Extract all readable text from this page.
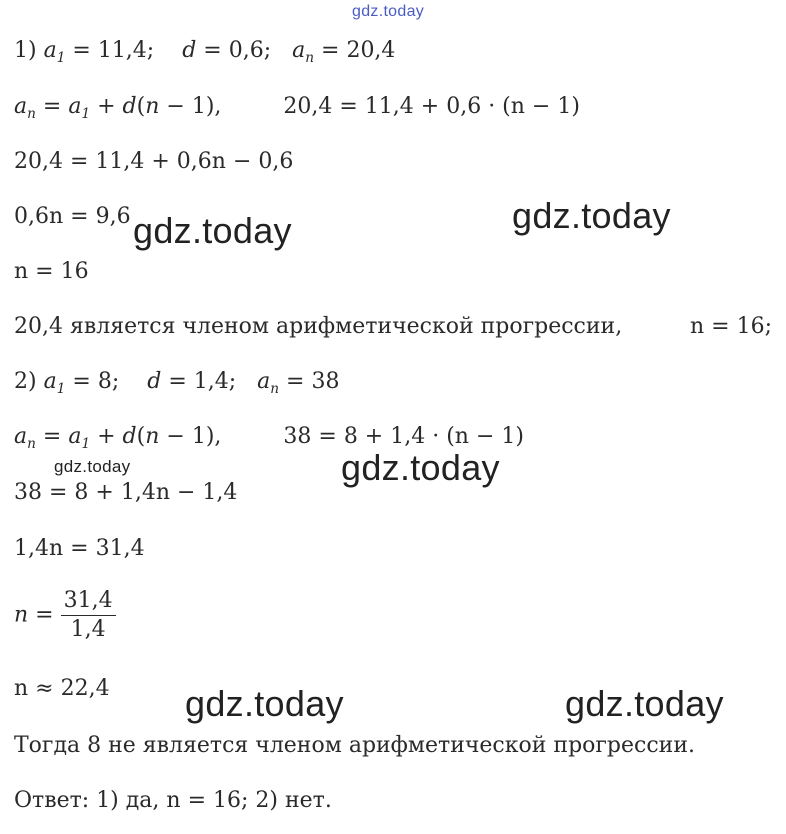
gdz.today
1) $a_1 = 11,4$; d = 0,6; $a_n = 20,4$
$a_n = a_1 + d(n - 1)$,	20,4 = 11,4 + 0,6 · (n − 1)
20,4 = 11,4 + 0,6n − 0,6
0,6n = 9,6
n = 16
20,4 является членом арифметической прогрессии,	n = 16;
2) $a_1 = 8$; d = 1,4; $a_n = 38$
$a_n = a_1 + d(n - 1)$,	38 = 8 + 1,4 · (n − 1)
38 = 8 + 1,4n − 1,4
1,4n = 31,4
$n = \frac{31,4}{1,4}$
n ≈ 22,4
Тогда 8 не является членом арифметической прогрессии.
Ответ: 1) да, n = 16; 2) нет.
gdz.today
gdz.today
gdz.today
gdz.today
gdz.today	gdz.today
